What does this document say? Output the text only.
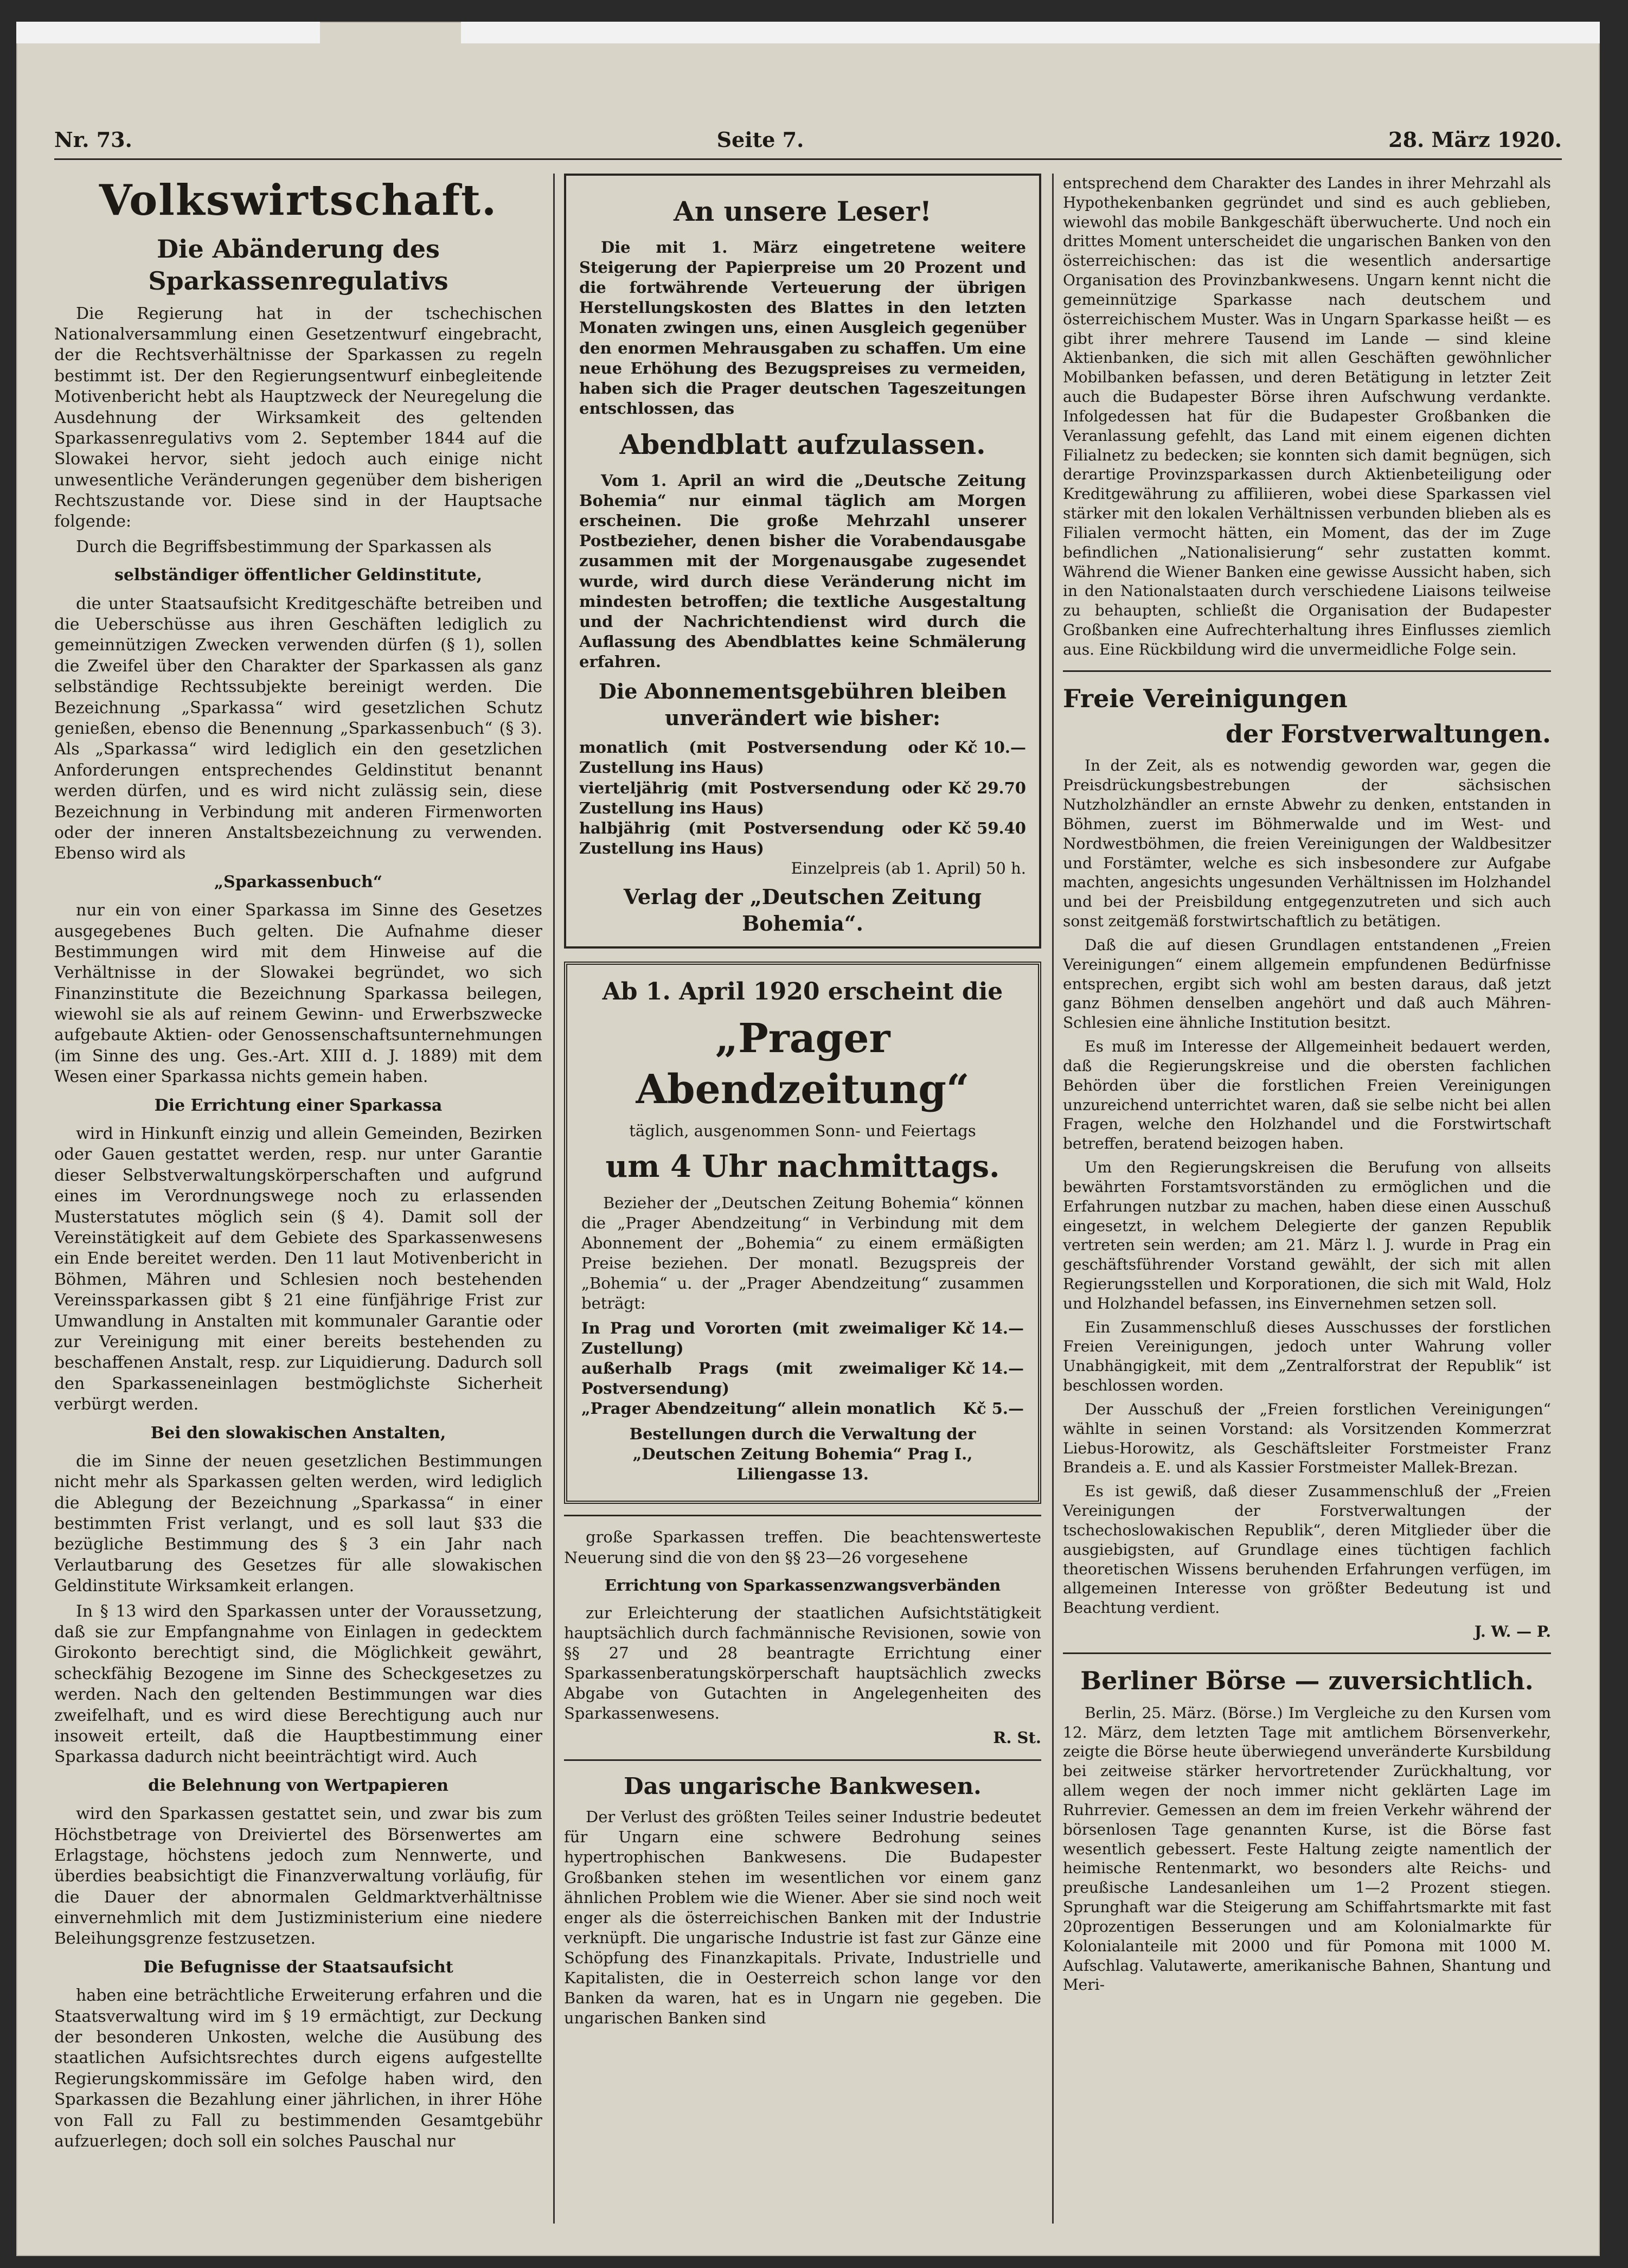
Nr. 73.	Seite 7.	28. März 1920.
Volkswirtschaft.
Die Abänderung des Sparkassenregulativs

Die Regierung hat in der tschechischen Nationalversammlung einen Gesetzentwurf eingebracht, der die Rechtsverhältnisse der Sparkassen zu regeln bestimmt ist. Der den Regierungsentwurf einbegleitende Motivenbericht hebt als Hauptzweck der Neuregelung die Ausdehnung der Wirksamkeit des geltenden Sparkassenregulativs vom 2. September 1844 auf die Slowakei hervor, sieht jedoch auch einige nicht unwesentliche Veränderungen gegenüber dem bisherigen Rechtszustande vor. Diese sind in der Hauptsache folgende:

Durch die Begriffsbestimmung der Sparkassen als

selbständiger öffentlicher Geldinstitute,

die unter Staatsaufsicht Kreditgeschäfte betreiben und die Ueberschüsse aus ihren Geschäften lediglich zu gemeinnützigen Zwecken verwenden dürfen (§ 1), sollen die Zweifel über den Charakter der Sparkassen als ganz selbständige Rechtssubjekte bereinigt werden. Die Bezeichnung „Sparkassa“ wird gesetzlichen Schutz genießen, ebenso die Benennung „Sparkassenbuch“ (§ 3). Als „Sparkassa“ wird lediglich ein den gesetzlichen Anforderungen entsprechendes Geldinstitut benannt werden dürfen, und es wird nicht zulässig sein, diese Bezeichnung in Verbindung mit anderen Firmenworten oder der inneren Anstaltsbezeichnung zu verwenden. Ebenso wird als

„Sparkassenbuch“

nur ein von einer Sparkassa im Sinne des Gesetzes ausgegebenes Buch gelten. Die Aufnahme dieser Bestimmungen wird mit dem Hinweise auf die Verhältnisse in der Slowakei begründet, wo sich Finanzinstitute die Bezeichnung Sparkassa beilegen, wiewohl sie als auf reinem Gewinn- und Erwerbszwecke aufgebaute Aktien- oder Genossenschaftsunternehmungen (im Sinne des ung. Ges.-Art. XIII d. J. 1889) mit dem Wesen einer Sparkassa nichts gemein haben.

Die Errichtung einer Sparkassa

wird in Hinkunft einzig und allein Gemeinden, Bezirken oder Gauen gestattet werden, resp. nur unter Garantie dieser Selbstverwaltungskörperschaften und aufgrund eines im Verordnungswege noch zu erlassenden Musterstatutes möglich sein (§ 4). Damit soll der Vereinstätigkeit auf dem Gebiete des Sparkassenwesens ein Ende bereitet werden. Den 11 laut Motivenbericht in Böhmen, Mähren und Schlesien noch bestehenden Vereinssparkassen gibt § 21 eine fünfjährige Frist zur Umwandlung in Anstalten mit kommunaler Garantie oder zur Vereinigung mit einer bereits bestehenden zu beschaffenen Anstalt, resp. zur Liquidierung. Dadurch soll den Sparkasseneinlagen bestmöglichste Sicherheit verbürgt werden.

Bei den slowakischen Anstalten,

die im Sinne der neuen gesetzlichen Bestimmungen nicht mehr als Sparkassen gelten werden, wird lediglich die Ablegung der Bezeichnung „Sparkassa“ in einer bestimmten Frist verlangt, und es soll laut §33 die bezügliche Bestimmung des § 3 ein Jahr nach Verlautbarung des Gesetzes für alle slowakischen Geldinstitute Wirksamkeit erlangen.

In § 13 wird den Sparkassen unter der Voraussetzung, daß sie zur Empfangnahme von Einlagen in gedecktem Girokonto berechtigt sind, die Möglichkeit gewährt, scheckfähig Bezogene im Sinne des Scheckgesetzes zu werden. Nach den geltenden Bestimmungen war dies zweifelhaft, und es wird diese Berechtigung auch nur insoweit erteilt, daß die Hauptbestimmung einer Sparkassa dadurch nicht beeinträchtigt wird. Auch

die Belehnung von Wertpapieren

wird den Sparkassen gestattet sein, und zwar bis zum Höchstbetrage von Dreiviertel des Börsenwertes am Erlagstage, höchstens jedoch zum Nennwerte, und überdies beabsichtigt die Finanzverwaltung vorläufig, für die Dauer der abnormalen Geldmarktverhältnisse einvernehmlich mit dem Justizministerium eine niedere Beleihungsgrenze festzusetzen.

Die Befugnisse der Staatsaufsicht

haben eine beträchtliche Erweiterung erfahren und die Staatsverwaltung wird im § 19 ermächtigt, zur Deckung der besonderen Unkosten, welche die Ausübung des staatlichen Aufsichtsrechtes durch eigens aufgestellte Regierungskommissäre im Gefolge haben wird, den Sparkassen die Bezahlung einer jährlichen, in ihrer Höhe von Fall zu Fall zu bestimmenden Gesamtgebühr aufzuerlegen; doch soll ein solches Pauschal nur

An unsere Leser!

Die mit 1. März eingetretene weitere Steigerung der Papierpreise um 20 Prozent und die fortwährende Verteuerung der übrigen Herstellungskosten des Blattes in den letzten Monaten zwingen uns, einen Ausgleich gegenüber den enormen Mehrausgaben zu schaffen. Um eine neue Erhöhung des Bezugspreises zu vermeiden, haben sich die Prager deutschen Tageszeitungen entschlossen, das

Abendblatt aufzulassen.

Vom 1. April an wird die „Deutsche Zeitung Bohemia“ nur einmal täglich am Morgen erscheinen. Die große Mehrzahl unserer Postbezieher, denen bisher die Vorabendausgabe zusammen mit der Morgenausgabe zugesendet wurde, wird durch diese Veränderung nicht im mindesten betroffen; die textliche Ausgestaltung und der Nachrichtendienst wird durch die Auflassung des Abendblattes keine Schmälerung erfahren.

Die Abonnementsgebühren bleiben unverändert wie bisher:
monatlich (mit Postversendung oder Zustellung ins Haus)
Kč 10.—
vierteljährig (mit Postversendung oder Zustellung ins Haus)
Kč 29.70
halbjährig (mit Postversendung oder Zustellung ins Haus)
Kč 59.40
Einzelpreis (ab 1. April) 50 h.
Verlag der „Deutschen Zeitung Bohemia“.
Ab 1. April 1920 erscheint die
„Prager Abendzeitung“
täglich, ausgenommen Sonn- und Feiertags
um 4 Uhr nachmittags.

Bezieher der „Deutschen Zeitung Bohemia“ können die „Prager Abendzeitung“ in Verbindung mit dem Abonnement der „Bohemia“ zu einem ermäßigten Preise beziehen. Der monatl. Bezugspreis der „Bohemia“ u. der „Prager Abendzeitung“ zusammen beträgt:

In Prag und Vororten (mit zweimaliger Zustellung)
Kč 14.—
außerhalb Prags (mit zweimaliger Postversendung)
Kč 14.—
„Prager Abendzeitung“ allein monatlich Kč 5.—

Bestellungen durch die Verwaltung der „Deutschen Zeitung Bohemia“ Prag I., Liliengasse 13.

große Sparkassen treffen. Die beachtenswerteste Neuerung sind die von den §§ 23—26 vorgesehene

Errichtung von Sparkassenzwangsverbänden

zur Erleichterung der staatlichen Aufsichtstätigkeit hauptsächlich durch fachmännische Revisionen, sowie von §§ 27 und 28 beantragte Errichtung einer Sparkassenberatungskörperschaft hauptsächlich zwecks Abgabe von Gutachten in Angelegenheiten des Sparkassenwesens.

R. St.
Das ungarische Bankwesen.

Der Verlust des größten Teiles seiner Industrie bedeutet für Ungarn eine schwere Bedrohung seines hypertrophischen Bankwesens. Die Budapester Großbanken stehen im wesentlichen vor einem ganz ähnlichen Problem wie die Wiener. Aber sie sind noch weit enger als die österreichischen Banken mit der Industrie verknüpft. Die ungarische Industrie ist fast zur Gänze eine Schöpfung des Finanzkapitals. Private, Industrielle und Kapitalisten, die in Oesterreich schon lange vor den Banken da waren, hat es in Ungarn nie gegeben. Die ungarischen Banken sind

entsprechend dem Charakter des Landes in ihrer Mehrzahl als Hypothekenbanken gegründet und sind es auch geblieben, wiewohl das mobile Bankgeschäft überwucherte. Und noch ein drittes Moment unterscheidet die ungarischen Banken von den österreichischen: das ist die wesentlich andersartige Organisation des Provinzbankwesens. Ungarn kennt nicht die gemeinnützige Sparkasse nach deutschem und österreichischem Muster. Was in Ungarn Sparkasse heißt — es gibt ihrer mehrere Tausend im Lande — sind kleine Aktienbanken, die sich mit allen Geschäften gewöhnlicher Mobilbanken befassen, und deren Betätigung in letzter Zeit auch die Budapester Börse ihren Aufschwung verdankte. Infolgedessen hat für die Budapester Großbanken die Veranlassung gefehlt, das Land mit einem eigenen dichten Filialnetz zu bedecken; sie konnten sich damit begnügen, sich derartige Provinzsparkassen durch Aktienbeteiligung oder Kreditgewährung zu affiliieren, wobei diese Sparkassen viel stärker mit den lokalen Verhältnissen verbunden blieben als es Filialen vermocht hätten, ein Moment, das der im Zuge befindlichen „Nationalisierung“ sehr zustatten kommt. Während die Wiener Banken eine gewisse Aussicht haben, sich in den Nationalstaaten durch verschiedene Liaisons teilweise zu behaupten, schließt die Organisation der Budapester Großbanken eine Aufrechterhaltung ihres Einflusses ziemlich aus. Eine Rückbildung wird die unvermeidliche Folge sein.

Freie Vereinigungen
der Forstverwaltungen.

In der Zeit, als es notwendig geworden war, gegen die Preisdrückungsbestrebungen der sächsischen Nutzholzhändler an ernste Abwehr zu denken, entstanden in Böhmen, zuerst im Böhmerwalde und im West- und Nordwestböhmen, die freien Vereinigungen der Waldbesitzer und Forstämter, welche es sich insbesondere zur Aufgabe machten, angesichts ungesunden Verhältnissen im Holzhandel und bei der Preisbildung entgegenzutreten und sich auch sonst zeitgemäß forstwirtschaftlich zu betätigen.

Daß die auf diesen Grundlagen entstandenen „Freien Vereinigungen“ einem allgemein empfundenen Bedürfnisse entsprechen, ergibt sich wohl am besten daraus, daß jetzt ganz Böhmen denselben angehört und daß auch Mähren-Schlesien eine ähnliche Institution besitzt.

Es muß im Interesse der Allgemeinheit bedauert werden, daß die Regierungskreise und die obersten fachlichen Behörden über die forstlichen Freien Vereinigungen unzureichend unterrichtet waren, daß sie selbe nicht bei allen Fragen, welche den Holzhandel und die Forstwirtschaft betreffen, beratend beizogen haben.

Um den Regierungskreisen die Berufung von allseits bewährten Forstamtsvorständen zu ermöglichen und die Erfahrungen nutzbar zu machen, haben diese einen Ausschuß eingesetzt, in welchem Delegierte der ganzen Republik vertreten sein werden; am 21. März l. J. wurde in Prag ein geschäftsführender Vorstand gewählt, der sich mit allen Regierungsstellen und Korporationen, die sich mit Wald, Holz und Holzhandel befassen, ins Einvernehmen setzen soll.

Ein Zusammenschluß dieses Ausschusses der forstlichen Freien Vereinigungen, jedoch unter Wahrung voller Unabhängigkeit, mit dem „Zentralforstrat der Republik“ ist beschlossen worden.

Der Ausschuß der „Freien forstlichen Vereinigungen“ wählte in seinen Vorstand: als Vorsitzenden Kommerzrat Liebus-Horowitz, als Geschäftsleiter Forstmeister Franz Brandeis a. E. und als Kassier Forstmeister Mallek-Brezan.

Es ist gewiß, daß dieser Zusammenschluß der „Freien Vereinigungen der Forstverwaltungen der tschechoslowakischen Republik“, deren Mitglieder über die ausgiebigsten, auf Grundlage eines tüchtigen fachlich theoretischen Wissens beruhenden Erfahrungen verfügen, im allgemeinen Interesse von größter Bedeutung ist und Beachtung verdient.

J. W. — P.
Berliner Börse — zuversichtlich.

Berlin, 25. März. (Börse.) Im Vergleiche zu den Kursen vom 12. März, dem letzten Tage mit amtlichem Börsenverkehr, zeigte die Börse heute überwiegend unveränderte Kursbildung bei zeitweise stärker hervortretender Zurückhaltung, vor allem wegen der noch immer nicht geklärten Lage im Ruhrrevier. Gemessen an dem im freien Verkehr während der börsenlosen Tage genannten Kurse, ist die Börse fast wesentlich gebessert. Feste Haltung zeigte namentlich der heimische Rentenmarkt, wo besonders alte Reichs- und preußische Landesanleihen um 1—2 Prozent stiegen. Sprunghaft war die Steigerung am Schiffahrtsmarkte mit fast 20prozentigen Besserungen und am Kolonialmarkte für Kolonialanteile mit 2000 und für Pomona mit 1000 M. Aufschlag. Valutawerte, amerikanische Bahnen, Shantung und Meri-
